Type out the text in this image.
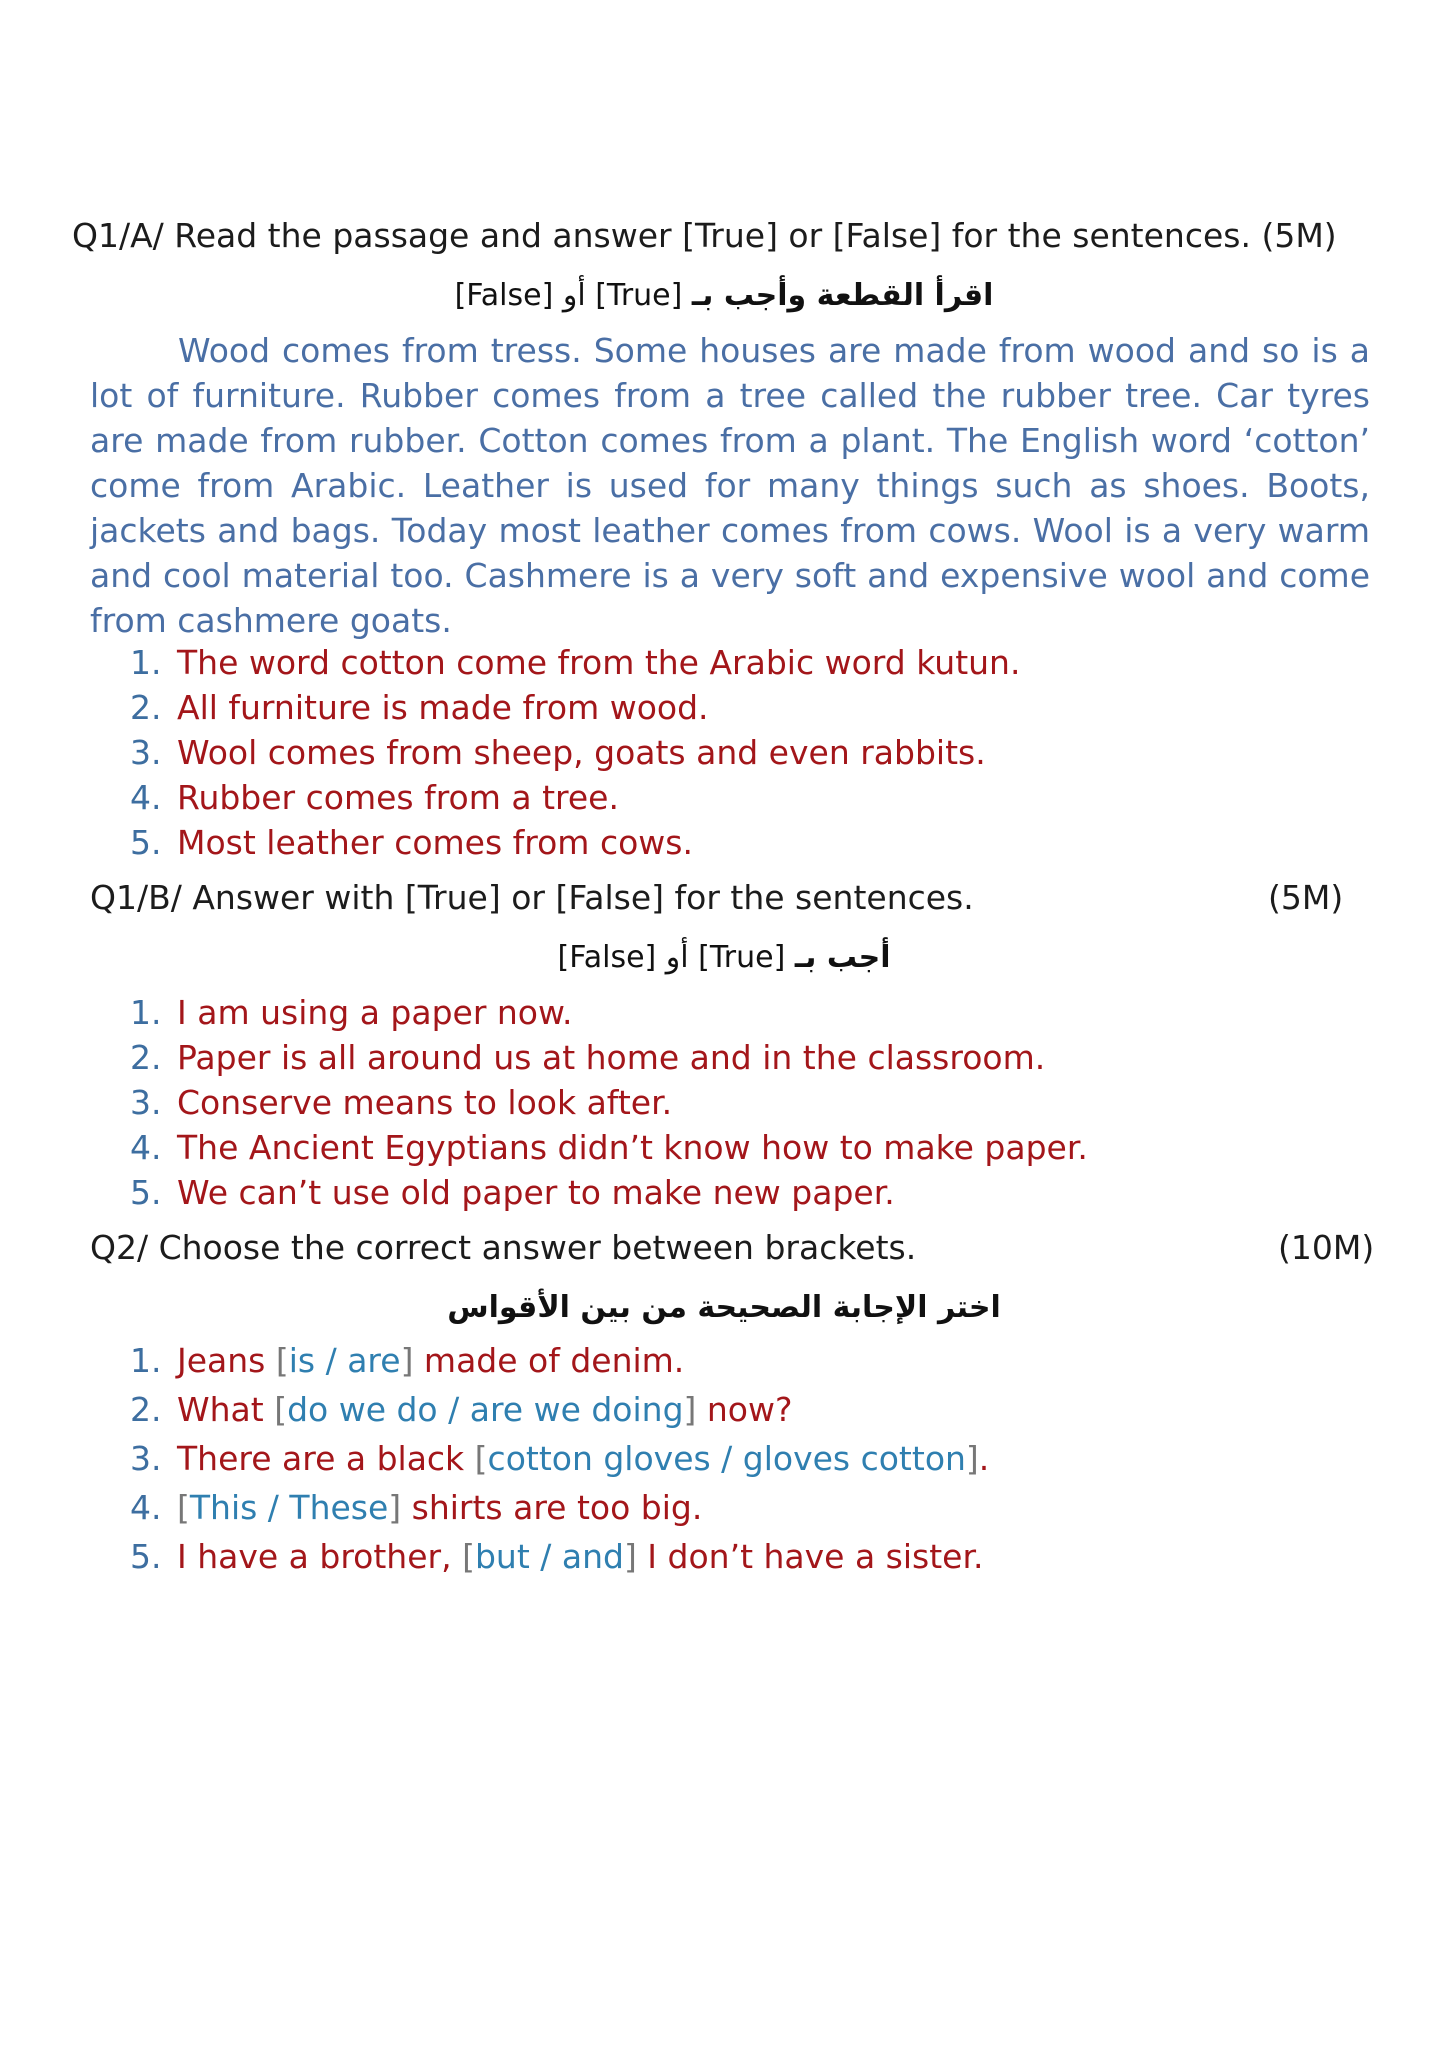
Q1/A/ Read the passage and answer [True] or [False] for the sentences. (5M)
اقرأ القطعة وأجب بـ [True] أو [False]

Wood comes from tress. Some houses are made from wood and so is a lot of furniture. Rubber comes from a tree called the rubber tree. Car tyres are made from rubber. Cotton comes from a plant. The English word ‘cotton’ come from Arabic. Leather is used for many things such as shoes. Boots, jackets and bags. Today most leather comes from cows. Wool is a very warm and cool material too. Cashmere is a very soft and expensive wool and come from cashmere goats.

1. The word cotton come from the Arabic word kutun.
2. All furniture is made from wood.
3. Wool comes from sheep, goats and even rabbits.
4. Rubber comes from a tree.
5. Most leather comes from cows.
Q1/B/ Answer with [True] or [False] for the sentences.	(5M)
أجب بـ [True] أو [False]
1. I am using a paper now.
2. Paper is all around us at home and in the classroom.
3. Conserve means to look after.
4. The Ancient Egyptians didn’t know how to make paper.
5. We can’t use old paper to make new paper.
Q2/ Choose the correct answer between brackets.	(10M)
اختر الإجابة الصحيحة من بين الأقواس
1. Jeans [is / are] made of denim.
2. What [do we do / are we doing] now?
3. There are a black [cotton gloves / gloves cotton].
4. [This / These] shirts are too big.
5. I have a brother, [but / and] I don’t have a sister.
